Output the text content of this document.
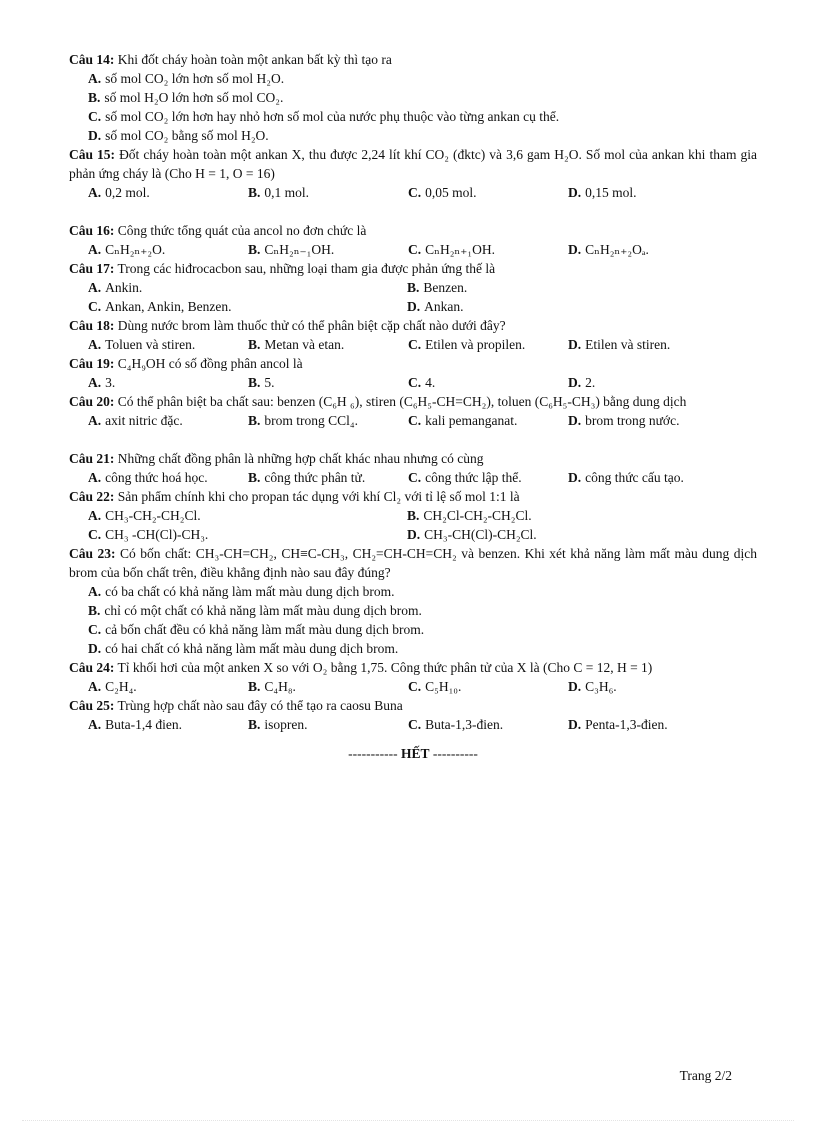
Câu 14: Khi đốt cháy hoàn toàn một ankan bất kỳ thì tạo ra
A. số mol CO₂ lớn hơn số mol H₂O.
B. số mol H₂O lớn hơn số mol CO₂.
C. số mol CO₂ lớn hơn hay nhỏ hơn số mol của nước phụ thuộc vào từng ankan cụ thể.
D. số mol CO₂ bằng số mol H₂O.
Câu 15: Đốt cháy hoàn toàn một ankan X, thu được 2,24 lít khí CO₂ (đktc) và 3,6 gam H₂O. Số mol của ankan khi tham gia phản ứng cháy là (Cho H = 1, O = 16)
A. 0,2 mol.	B. 0,1 mol.	C. 0,05 mol.	D. 0,15 mol.
Câu 16: Công thức tổng quát của ancol no đơn chức là
A. CₙH₂ₙ₊₂O.	B. CₙH₂ₙ₋₁OH.	C. CₙH₂ₙ₊₁OH.	D. CₙH₂ₙ₊₂Oₐ.
Câu 17: Trong các hiđrocacbon sau, những loại tham gia được phản ứng thế là
A. Ankin.	B. Benzen.
C. Ankan, Ankin, Benzen.	D. Ankan.
Câu 18: Dùng nước brom làm thuốc thử có thể phân biệt cặp chất nào dưới đây?
A. Toluen và stiren.	B. Metan và etan.	C. Etilen và propilen.	D. Etilen và stiren.
Câu 19: C₄H₉OH có số đồng phân ancol là
A. 3.	B. 5.	C. 4.	D. 2.
Câu 20: Có thể phân biệt ba chất sau: benzen (C₆H ₆), stiren (C₆H₅-CH=CH₂), toluen (C₆H₅-CH₃) bằng dung dịch
A. axit nitric đặc.	B. brom trong CCl₄.	C. kali pemanganat.	D. brom trong nước.
Câu 21: Những chất đồng phân là những hợp chất khác nhau nhưng có cùng
A. công thức hoá học.	B. công thức phân tử.	C. công thức lập thể.	D. công thức cấu tạo.
Câu 22: Sản phẩm chính khi cho propan tác dụng với khí Cl₂ với tỉ lệ số mol 1:1 là
A. CH₃-CH₂-CH₂Cl.	B. CH₂Cl-CH₂-CH₂Cl.
C. CH₃ -CH(Cl)-CH₃.	D. CH₃-CH(Cl)-CH₂Cl.
Câu 23: Có bốn chất: CH₃-CH=CH₂, CH≡C-CH₃, CH₂=CH-CH=CH₂ và benzen. Khi xét khả năng làm mất màu dung dịch brom của bốn chất trên, điều khẳng định nào sau đây đúng?
A. có ba chất có khả năng làm mất màu dung dịch brom.
B. chỉ có một chất có khả năng làm mất màu dung dịch brom.
C. cả bốn chất đều có khả năng làm mất màu dung dịch brom.
D. có hai chất có khả năng làm mất màu dung dịch brom.
Câu 24: Tỉ khối hơi của một anken X so với O₂ bằng 1,75. Công thức phân tử của X là (Cho C = 12, H = 1)
A. C₂H₄.	B. C₄H₈.	C. C₅H₁₀.	D. C₃H₆.
Câu 25: Trùng hợp chất nào sau đây có thể tạo ra caosu Buna
A. Buta-1,4 đien.	B. isopren.	C. Buta-1,3-đien.	D. Penta-1,3-đien.
----------- HẾT ----------
Trang 2/2
